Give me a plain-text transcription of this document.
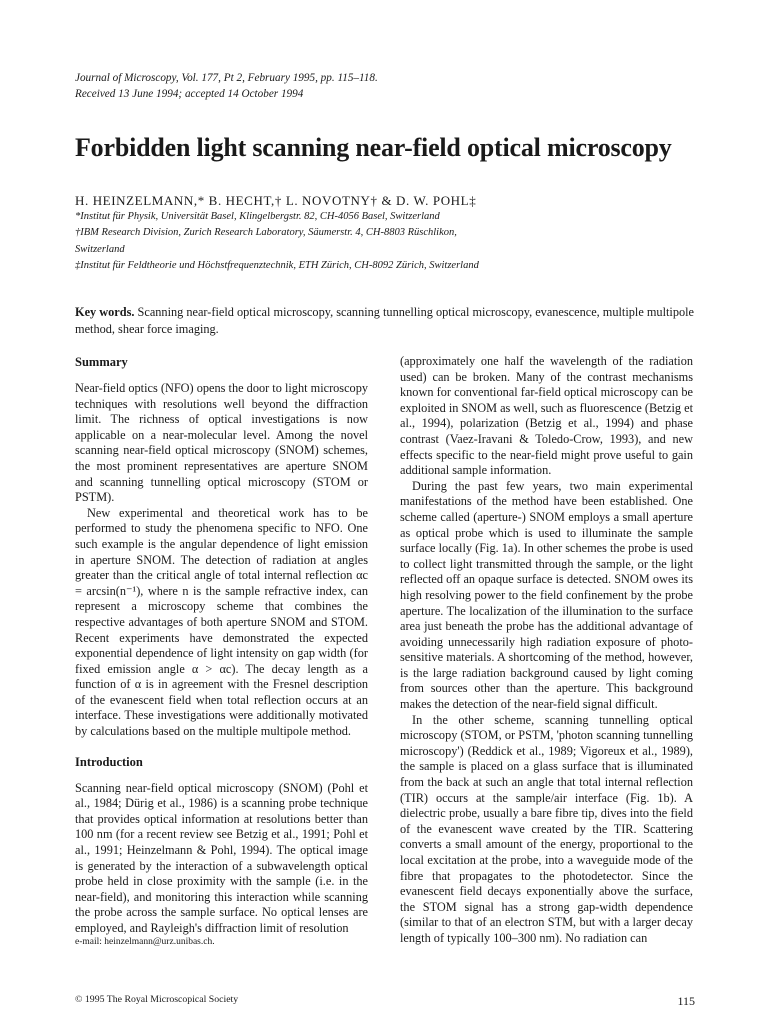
Journal of Microscopy, Vol. 177, Pt 2, February 1995, pp. 115–118.
Received 13 June 1994; accepted 14 October 1994
Forbidden light scanning near-field optical microscopy
H. HEINZELMANN,* B. HECHT,† L. NOVOTNY† & D. W. POHL‡
*Institut für Physik, Universität Basel, Klingelbergstr. 82, CH-4056 Basel, Switzerland
†IBM Research Division, Zurich Research Laboratory, Säumerstr. 4, CH-8803 Rüschlikon,
Switzerland
‡Institut für Feldtheorie und Höchstfrequenztechnik, ETH Zürich, CH-8092 Zürich, Switzerland
Key words. Scanning near-field optical microscopy, scanning tunnelling optical microscopy, evanescence, multiple multipole method, shear force imaging.
Summary

Near-field optics (NFO) opens the door to light microscopy techniques with resolutions well beyond the diffraction limit. The richness of optical investigations is now applicable on a near-molecular level. Among the novel scanning near-field optical microscopy (SNOM) schemes, the most prominent representatives are aperture SNOM and scanning tunnelling optical microscopy (STOM or PSTM).

New experimental and theoretical work has to be performed to study the phenomena specific to NFO. One such example is the angular dependence of light emission in aperture SNOM. The detection of radiation at angles greater than the critical angle of total internal reflection αc = arcsin(n⁻¹), where n is the sample refractive index, can represent a microscopy scheme that combines the respective advantages of both aperture SNOM and STOM. Recent experiments have demonstrated the expected exponential dependence of light intensity on gap width (for fixed emission angle α > αc). The decay length as a function of α is in agreement with the Fresnel description of the evanescent field when total reflection occurs at an interface. These investigations were additionally motivated by calculations based on the multiple multipole method.

Introduction

Scanning near-field optical microscopy (SNOM) (Pohl et al., 1984; Dürig et al., 1986) is a scanning probe technique that provides optical information at resolutions better than 100 nm (for a recent review see Betzig et al., 1991; Pohl et al., 1991; Heinzelmann & Pohl, 1994). The optical image is generated by the interaction of a subwavelength optical probe held in close proximity with the sample (i.e. in the near-field), and monitoring this interaction while scanning the probe across the sample surface. No optical lenses are employed, and Rayleigh's diffraction limit of resolution

(approximately one half the wavelength of the radiation used) can be broken. Many of the contrast mechanisms known for conventional far-field optical microscopy can be exploited in SNOM as well, such as fluorescence (Betzig et al., 1994), polarization (Betzig et al., 1994) and phase contrast (Vaez-Iravani & Toledo-Crow, 1993), and new effects specific to the near-field might prove useful to gain additional sample information.

During the past few years, two main experimental manifestations of the method have been established. One scheme called (aperture-) SNOM employs a small aperture as optical probe which is used to illuminate the sample surface locally (Fig. 1a). In other schemes the probe is used to collect light transmitted through the sample, or the light reflected off an opaque surface is detected. SNOM owes its high resolving power to the field confinement by the probe aperture. The localization of the illumination to the surface area just beneath the probe has the additional advantage of avoiding unnecessarily high radiation exposure of photo-sensitive materials. A shortcoming of the method, however, is the large radiation background caused by light coming from sources other than the aperture. This background makes the detection of the near-field signal difficult.

In the other scheme, scanning tunnelling optical microscopy (STOM, or PSTM, 'photon scanning tunnelling microscopy') (Reddick et al., 1989; Vigoreux et al., 1989), the sample is placed on a glass surface that is illuminated from the back at such an angle that total internal reflection (TIR) occurs at the sample/air interface (Fig. 1b). A dielectric probe, usually a bare fibre tip, dives into the field of the evanescent wave created by the TIR. Scattering converts a small amount of the energy, proportional to the local excitation at the probe, into a waveguide mode of the fibre that propagates to the photodetector. Since the evanescent field decays exponentially above the surface, the STOM signal has a strong gap-width dependence (similar to that of an electron STM, but with a larger decay length of typically 100–300 nm). No radiation can

e-mail: heinzelmann@urz.unibas.ch.
© 1995 The Royal Microscopical Society	115
